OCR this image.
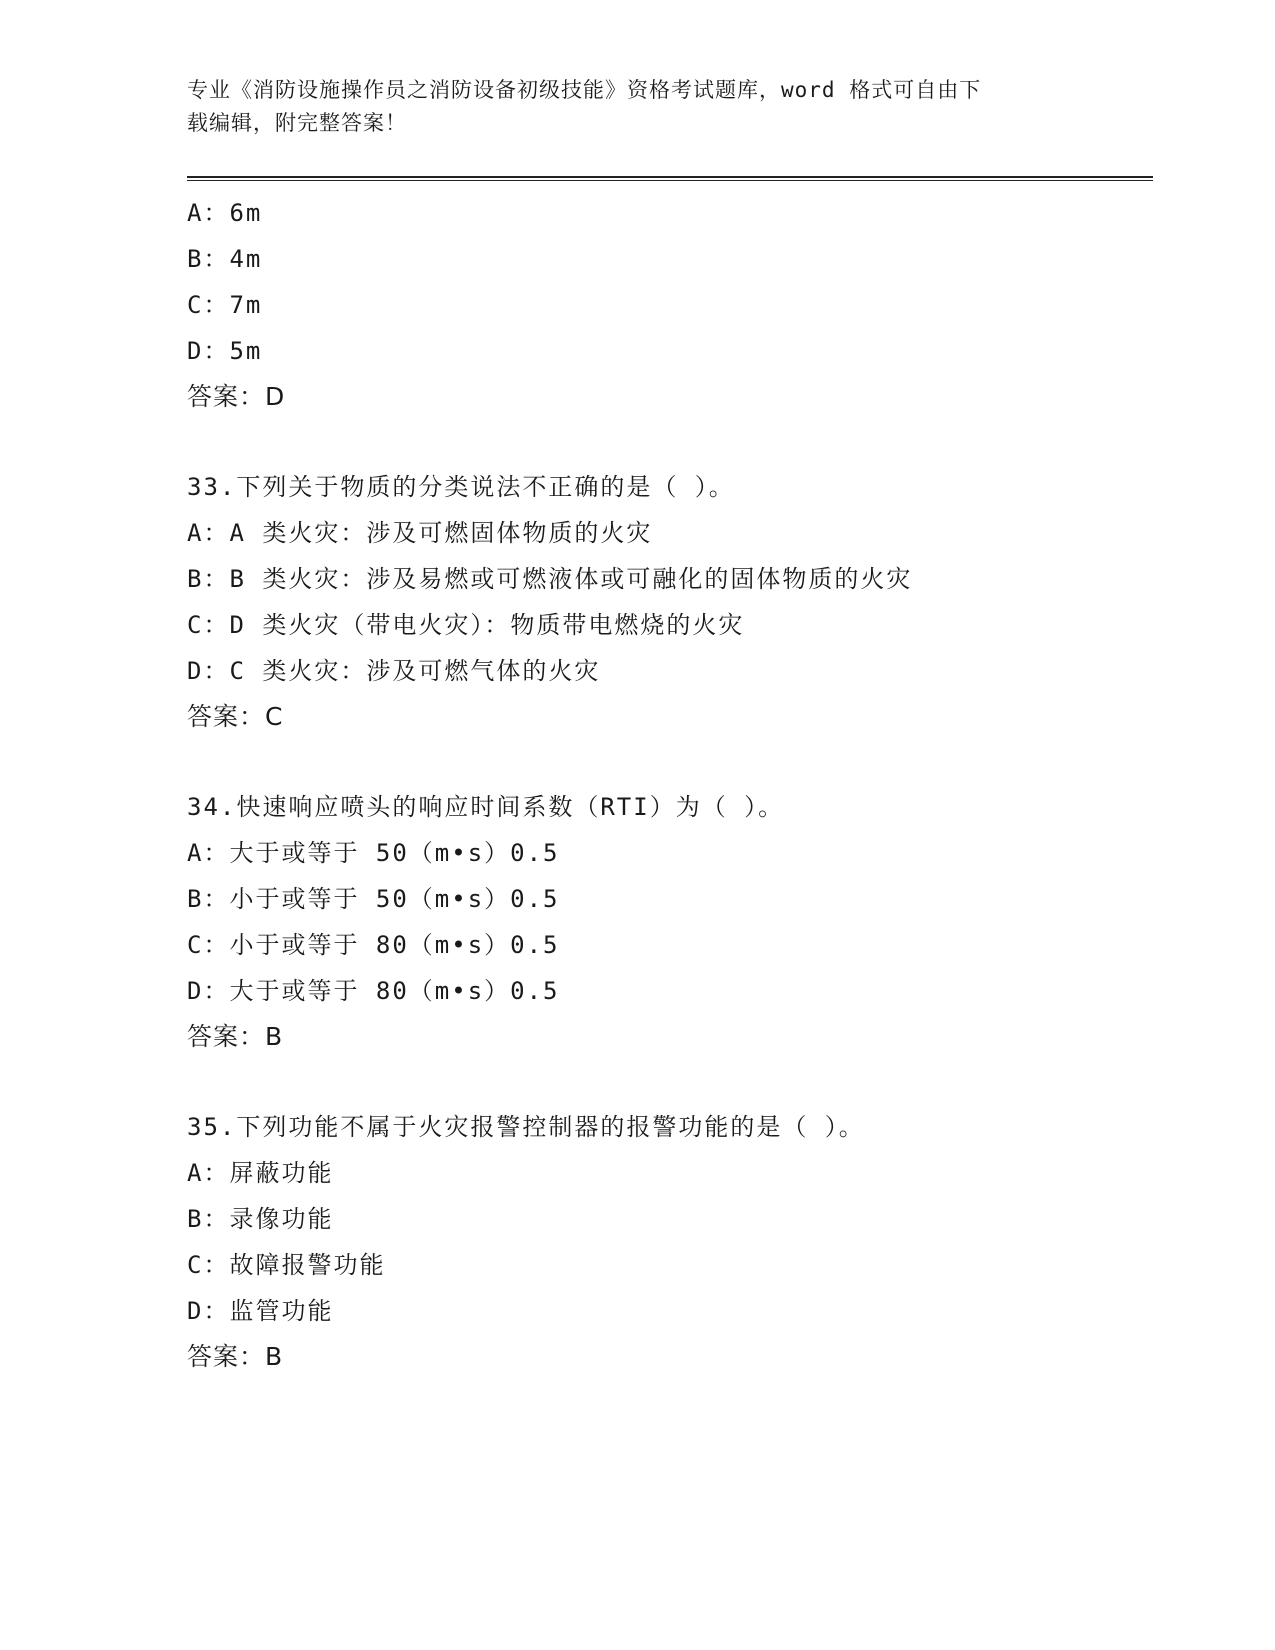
专业《消防设施操作员之消防设备初级技能》资格考试题库，word 格式可自由下
载编辑，附完整答案！
A：6m
B：4m
C：7m
D：5m
答案：D
33.下列关于物质的分类说法不正确的是（ ）。
A：A 类火灾：涉及可燃固体物质的火灾
B：B 类火灾：涉及易燃或可燃液体或可融化的固体物质的火灾
C：D 类火灾（带电火灾）：物质带电燃烧的火灾
D：C 类火灾：涉及可燃气体的火灾
答案：C
34.快速响应喷头的响应时间系数（RTI）为（ ）。
A：大于或等于 50（m•s）0.5
B：小于或等于 50（m•s）0.5
C：小于或等于 80（m•s）0.5
D：大于或等于 80（m•s）0.5
答案：B
35.下列功能不属于火灾报警控制器的报警功能的是（ ）。
A：屏蔽功能
B：录像功能
C：故障报警功能
D：监管功能
答案：B
